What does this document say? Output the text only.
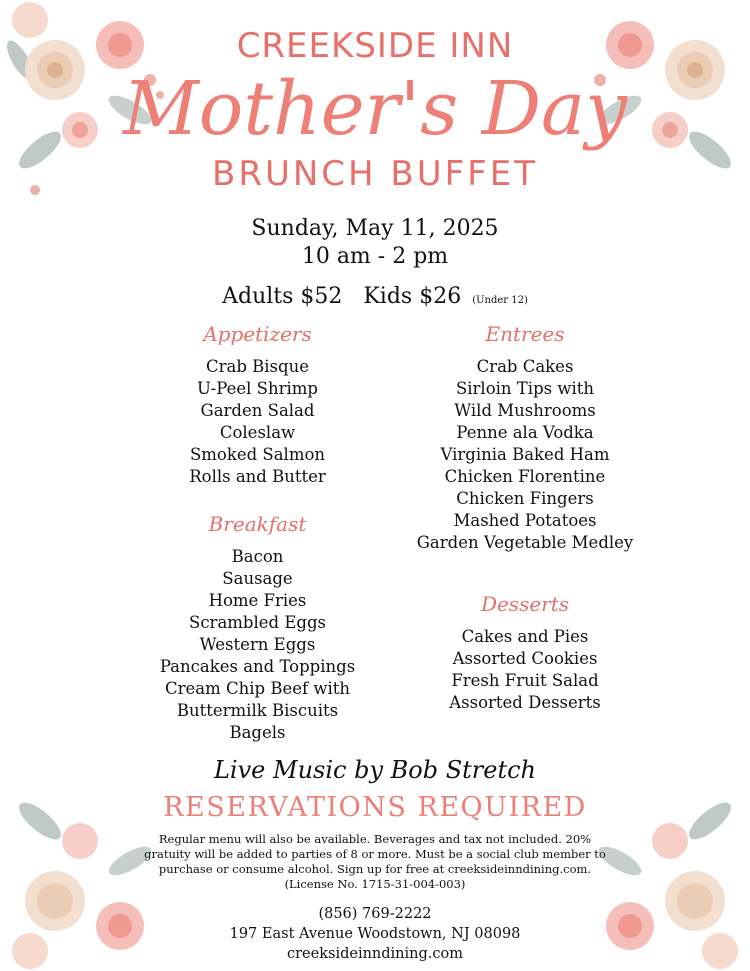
CREEKSIDE INN
Mother's Day
BRUNCH BUFFET
Sunday, May 11, 2025
10 am - 2 pm
Adults $52 Kids $26 (Under 12)
Appetizers
Crab Bisque
U-Peel Shrimp
Garden Salad
Coleslaw
Smoked Salmon
Rolls and Butter
Breakfast
Bacon
Sausage
Home Fries
Scrambled Eggs
Western Eggs
Pancakes and Toppings
Cream Chip Beef with
Buttermilk Biscuits
Bagels
Entrees
Crab Cakes
Sirloin Tips with
Wild Mushrooms
Penne ala Vodka
Virginia Baked Ham
Chicken Florentine
Chicken Fingers
Mashed Potatoes
Garden Vegetable Medley
Desserts
Cakes and Pies
Assorted Cookies
Fresh Fruit Salad
Assorted Desserts
Live Music by Bob Stretch
RESERVATIONS REQUIRED
Regular menu will also be available. Beverages and tax not included. 20%
gratuity will be added to parties of 8 or more. Must be a social club member to
purchase or consume alcohol. Sign up for free at creeksideinndining.com.
(License No. 1715-31-004-003)
(856) 769-2222
197 East Avenue Woodstown, NJ 08098
creeksideinndining.com
